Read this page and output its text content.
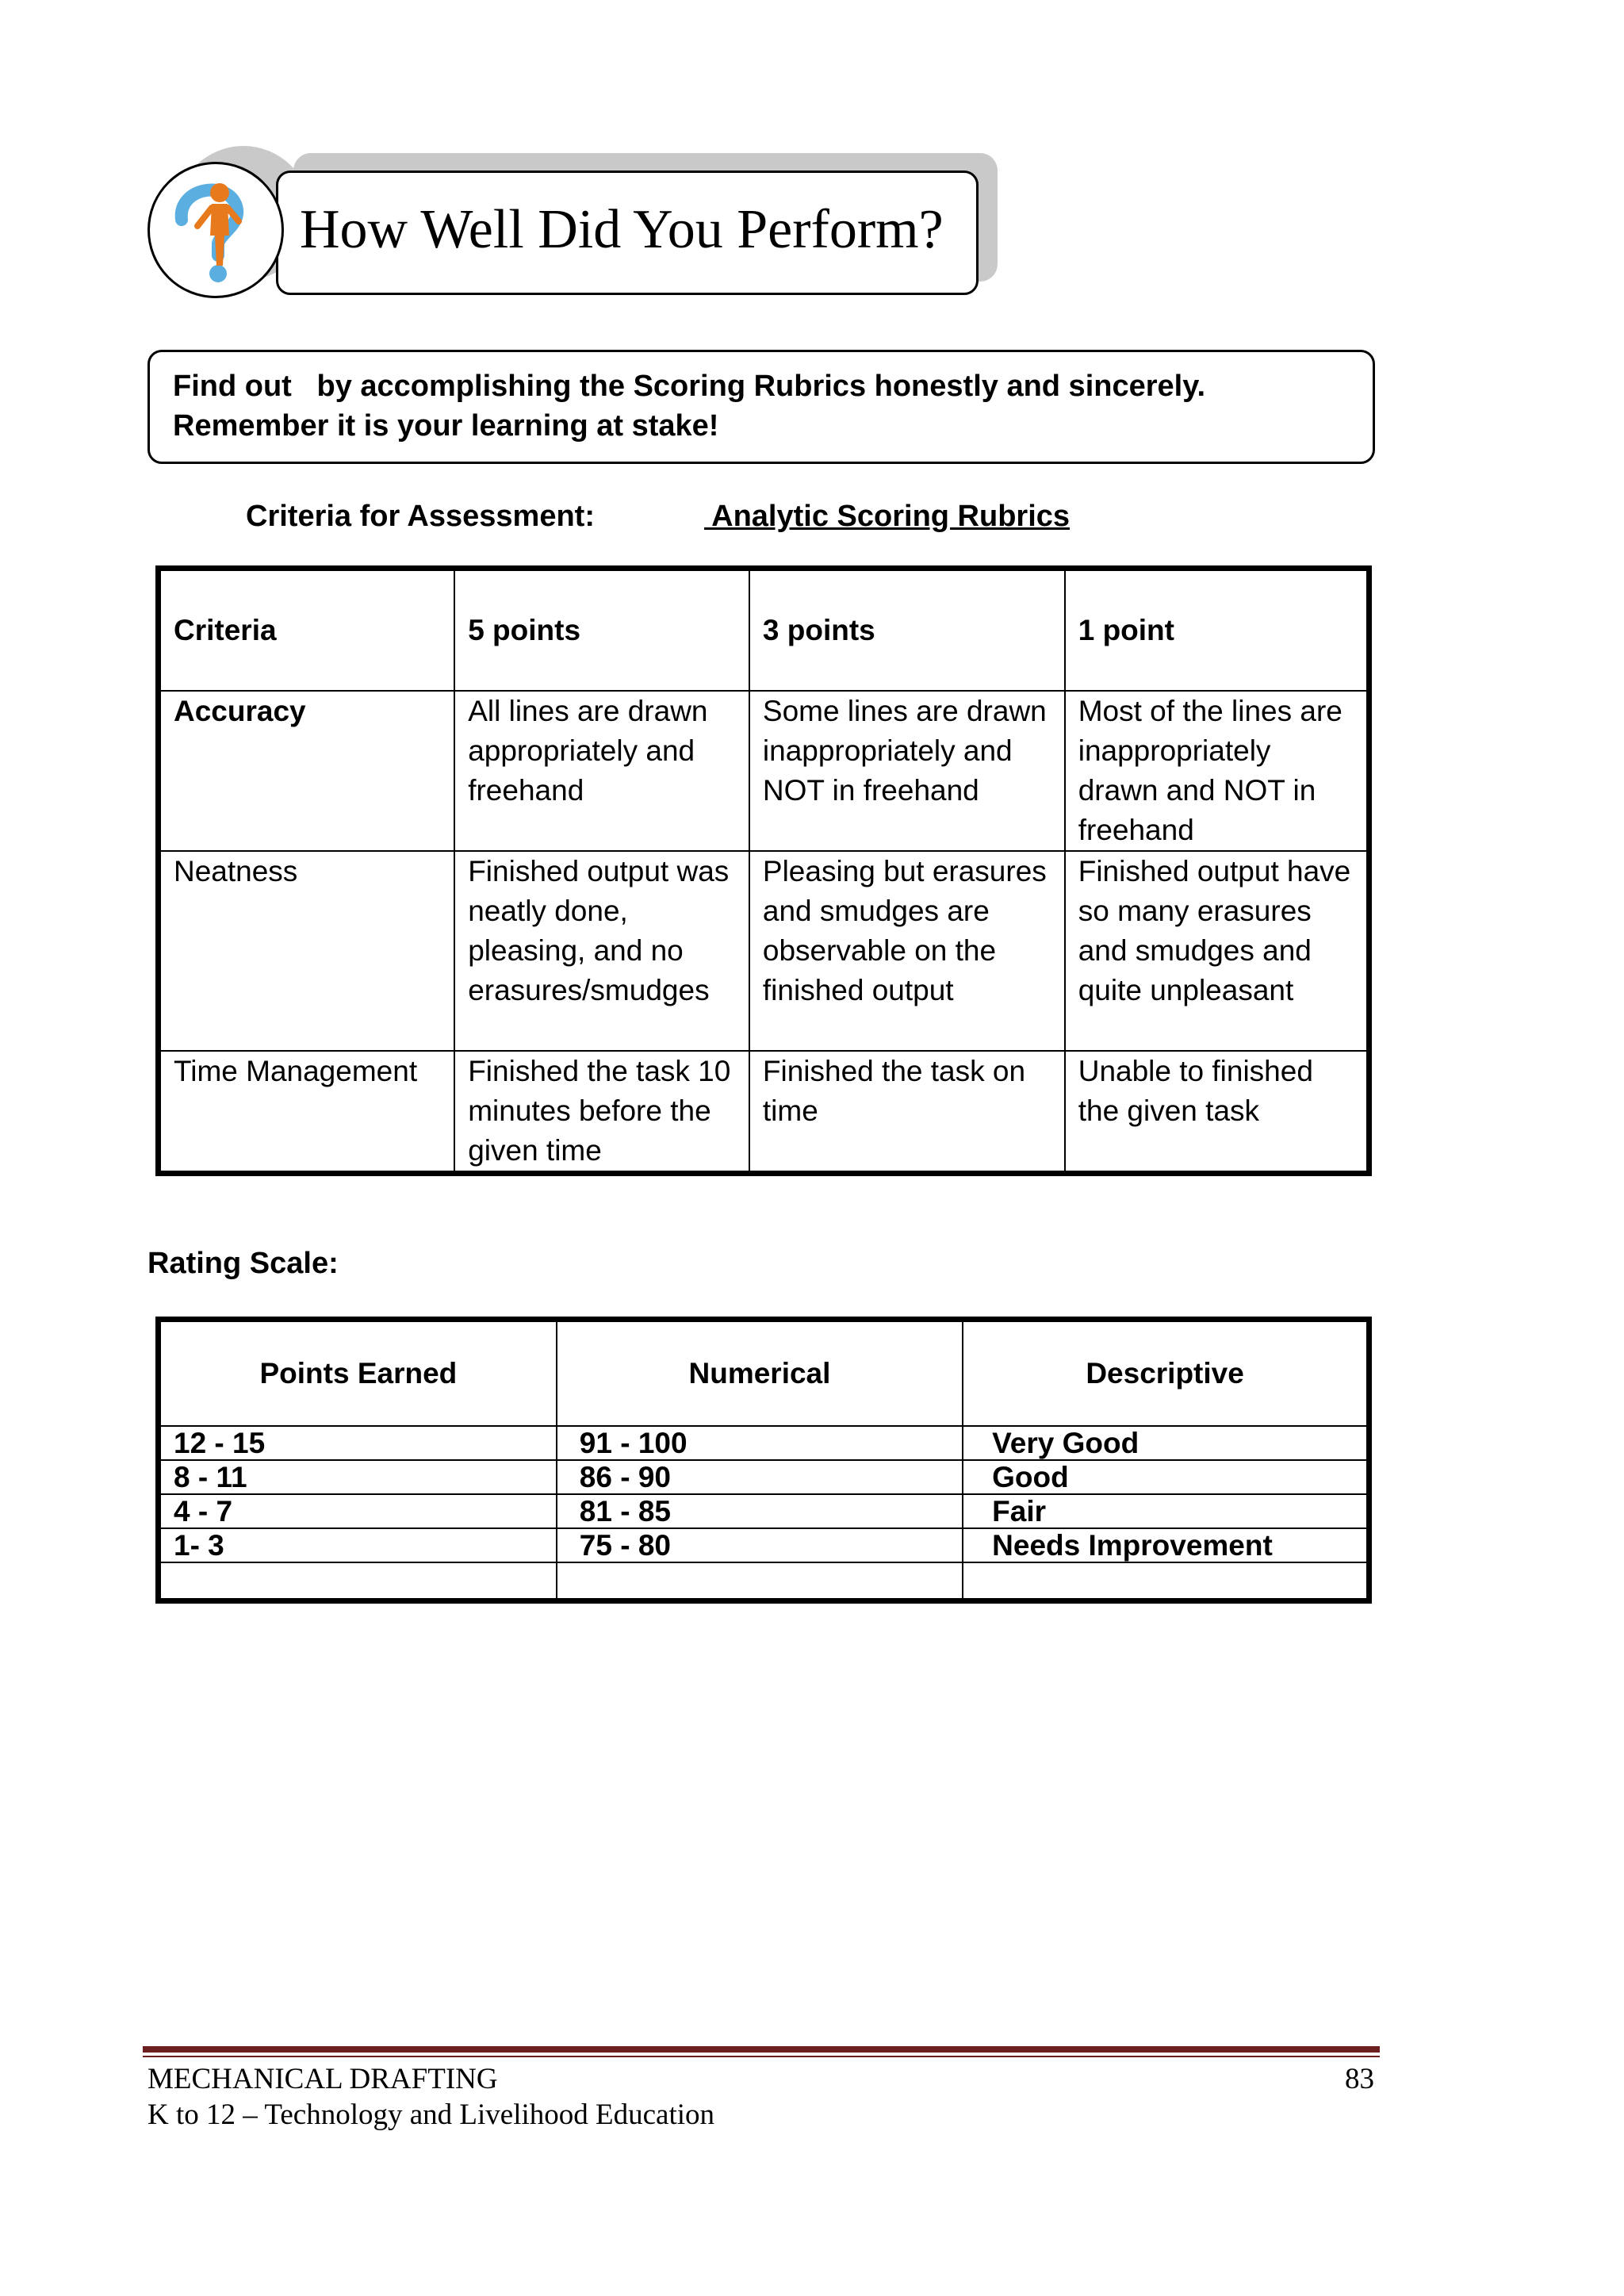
How Well Did You Perform?
Find out   by accomplishing the Scoring Rubrics honestly and sincerely.
Remember it is your learning at stake!
Criteria for Assessment:	Analytic Scoring Rubrics
Criteria	5 points	3 points	1 point
Accuracy	All lines are drawn appropriately and freehand	Some lines are drawn inappropriately and NOT in freehand	Most of the lines are inappropriately drawn and NOT in freehand
Neatness	Finished output was neatly done, pleasing, and no erasures/smudges	Pleasing but erasures and smudges are observable on the finished output	Finished output have so many erasures and smudges and quite unpleasant
Time Management	Finished the task 10 minutes before the given time	Finished the task on time	Unable to finished the given task
Rating Scale:
Points Earned	Numerical	Descriptive
12 - 15	91 - 100	Very Good
8 - 11	86 - 90	Good
4 - 7	81 - 85	Fair
1- 3	75 - 80	Needs Improvement

MECHANICAL DRAFTING
K to 12 – Technology and Livelihood Education
83
